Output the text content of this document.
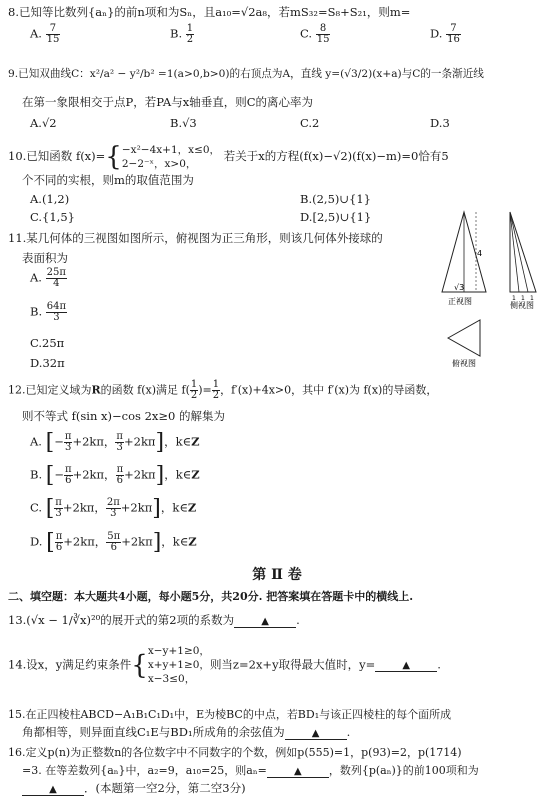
8.已知等比数列{aₙ}的前n项和为Sₙ，且a₁₀=√2a₈，若mS₃₂=S₈+S₂₁，则m=
A. $\frac{7}{15}$	B. $\frac{1}{2}$	C. $\frac{8}{15}$	D. $\frac{7}{16}$
9.已知双曲线C：x²/a² − y²/b² =1(a>0,b>0)的右顶点为A，直线 y=(√3/2)(x+a)与C的一条渐近线
在第一象限相交于点P，若PA与x轴垂直，则C的离心率为
A.√2	B.√3	C.2	D.3
10.已知函数 f(x)={ −x²−4x+1，x≤0，
2−2⁻ˣ，x>0，
若关于x的方程(f(x)−√2)(f(x)−m)=0恰有5
个不同的实根，则m的取值范围为
A.(1,2)	B.(2,5)∪{1}
C.{1,5}	D.[2,5)∪{1}
11.某几何体的三视图如图所示，俯视图为正三角形，则该几何体外接球的
表面积为
A. $\frac{25\pi}{4}$
B. $\frac{64\pi}{3}$
C.25π
D.32π
4
√3
正视图	1 1 1
侧视图
俯视图
12.已知定义域为R的函数 f(x)满足 $f( \frac{1}{2}$ )= $\frac{1}{2}$ ，f′(x)+4x>0，其中 f′(x)为 f(x)的导函数，
则不等式 f(sin x)−cos 2x≥0 的解集为
A. [− $\frac{\pi}{3} +2k\pi$， $\frac{\pi}{3} +2k\pi$]，k∈Z
B. [− $\frac{\pi}{6} +2k\pi$， $\frac{\pi}{6} +2k\pi$]，k∈Z
C. [ $\frac{\pi}{3} +2k\pi$， $\frac{2\pi}{3} +2k\pi$]，k∈Z
D. [ $\frac{\pi}{6} +2k\pi$， $\frac{5\pi}{6} +2k\pi$]，k∈Z
第 Ⅱ 卷
二、填空题：本大题共4小题，每小题5分，共20分. 把答案填在答题卡中的横线上.
13.(√x − 1/∛x)²⁰的展开式的第2项的系数为	▲ .
14.设x，y满足约束条件{ x−y+1≥0，
x+y+1≥0，
x−3≤0，
则当z=2x+y取得最大值时，y=	▲ .
15.在正四棱柱ABCD−A₁B₁C₁D₁中，E为棱BC的中点，若BD₁与该正四棱柱的每个面所成
角都相等，则异面直线C₁E与BD₁所成角的余弦值为	▲ .
16.定义p(n)为正整数n的各位数字中不同数字的个数，例如p(555)=1，p(93)=2，p(1714)
=3. 在等差数列{aₙ}中，a₂=9，a₁₀=25，则aₙ=	▲ ，数列{p(aₙ)}的前100项和为
▲ ．(本题第一空2分，第二空3分)
